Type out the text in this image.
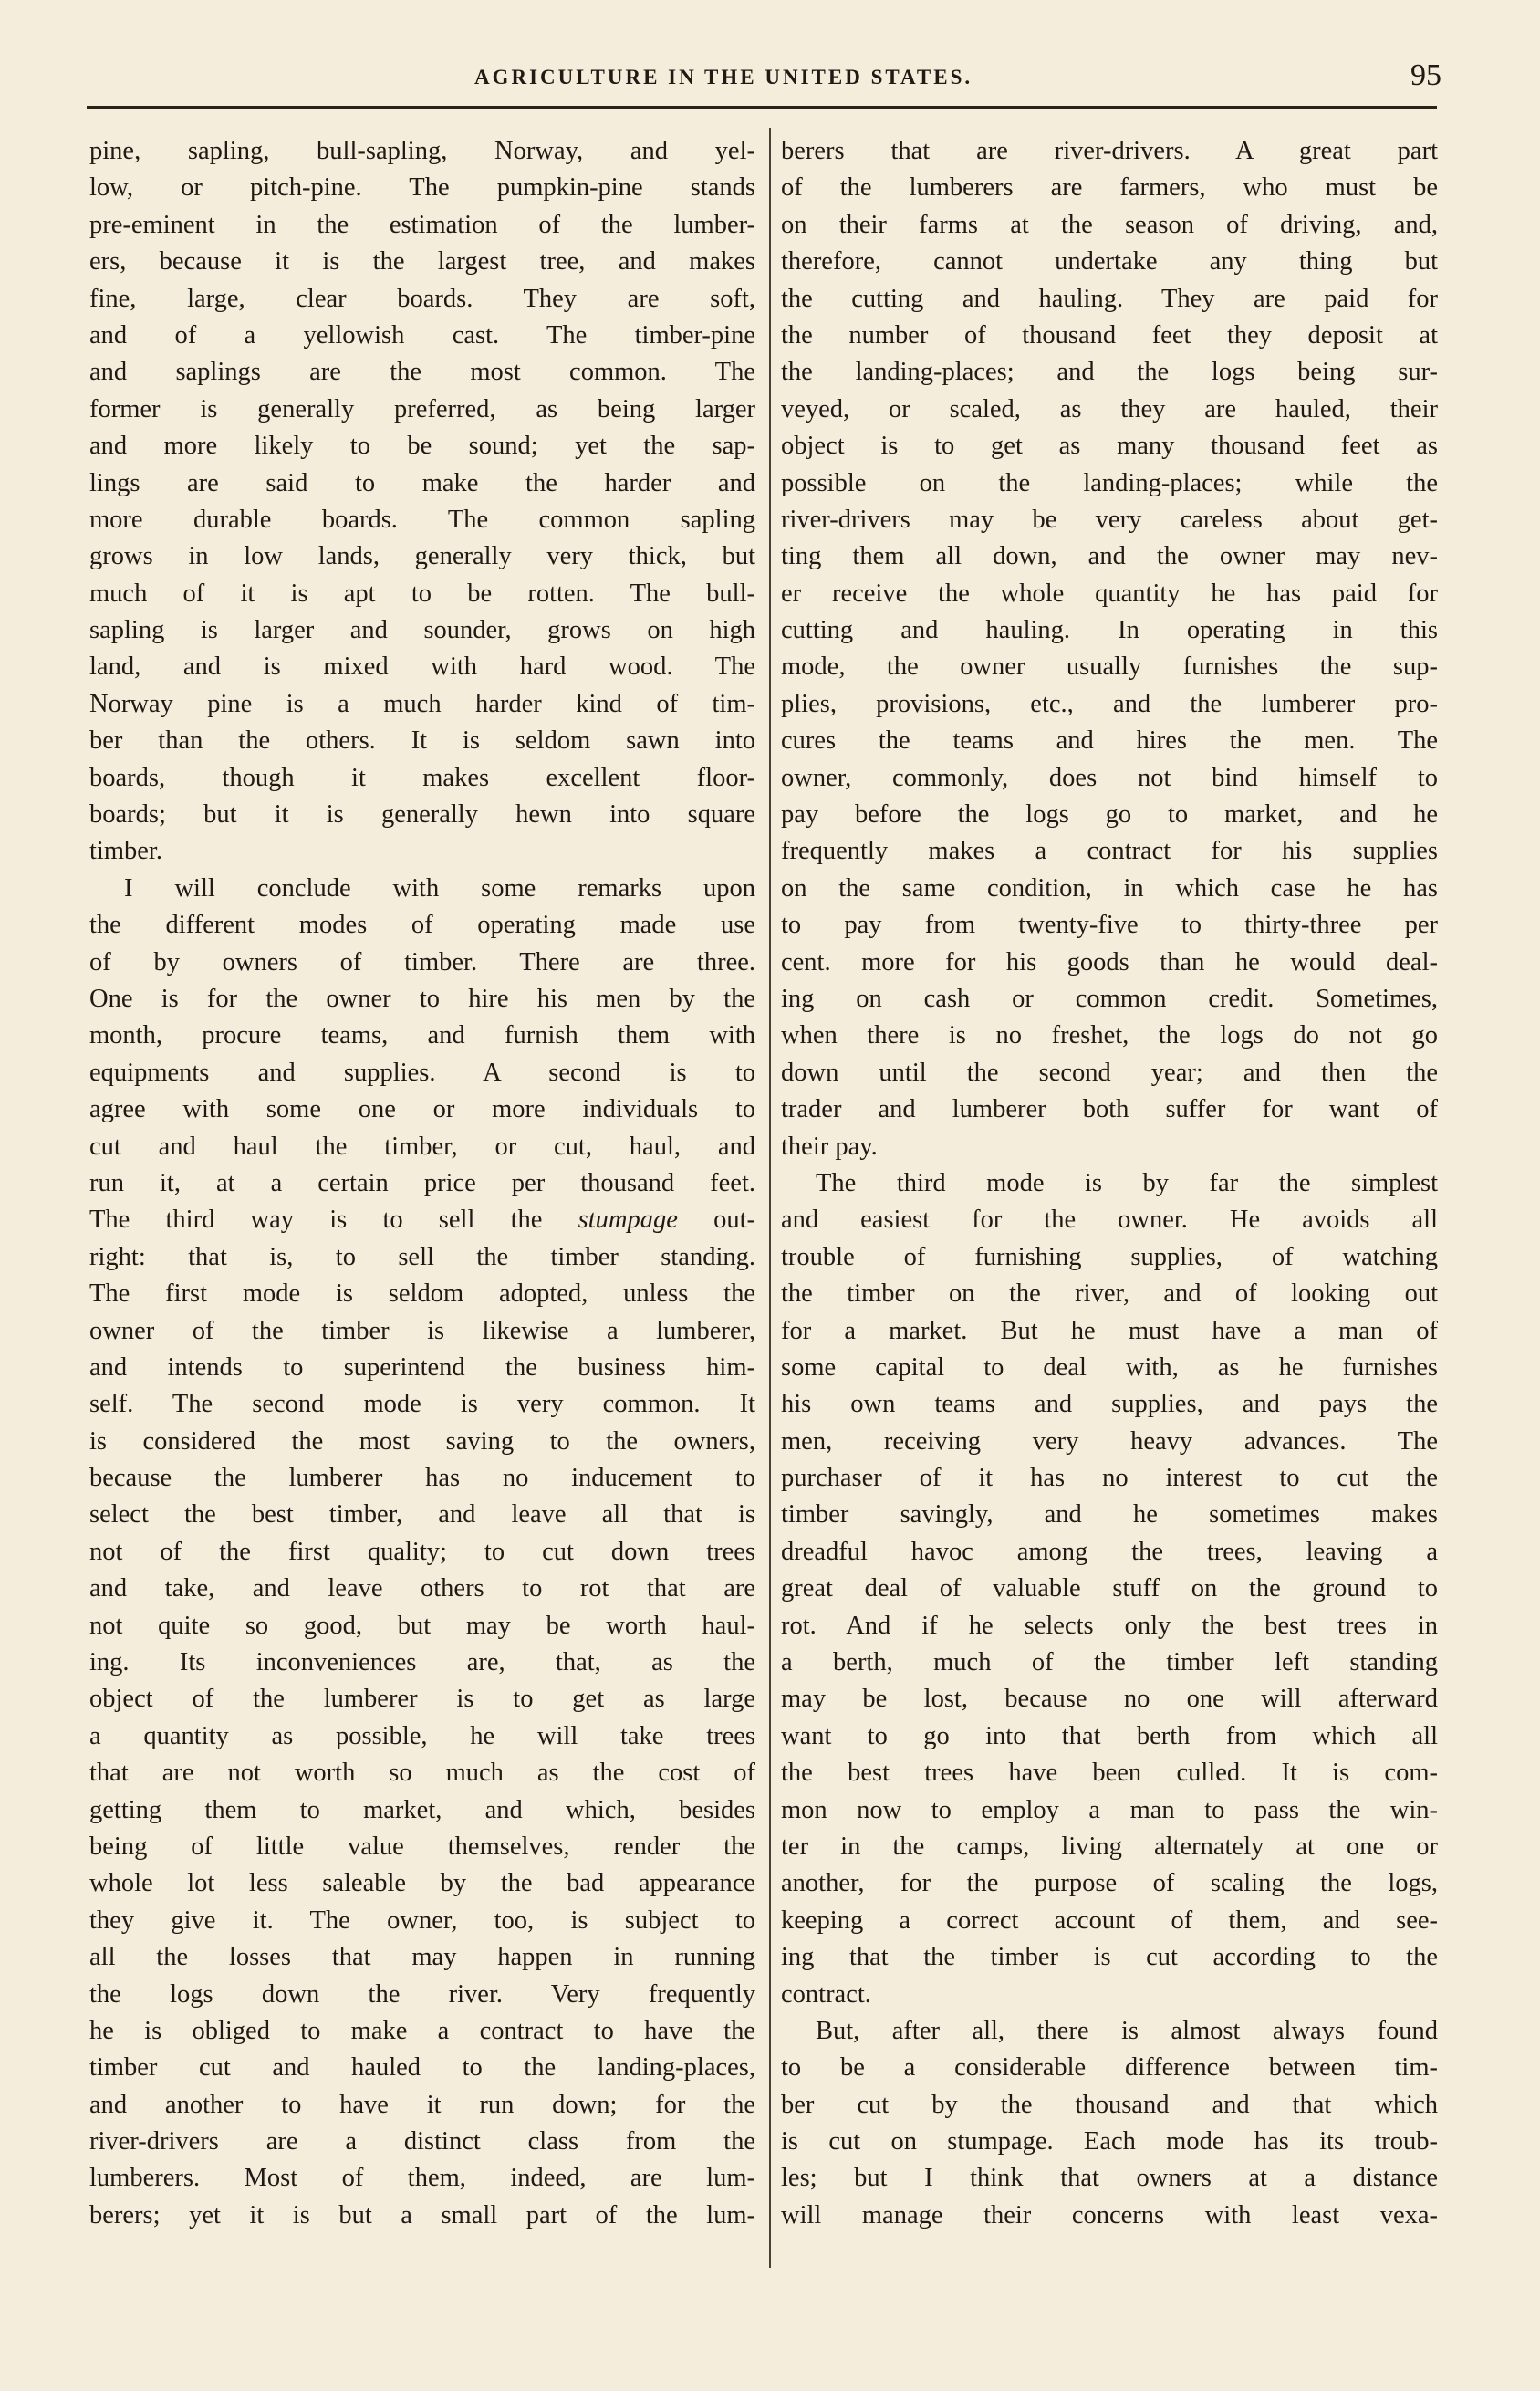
AGRICULTURE IN THE UNITED STATES.	95
pine, sapling, bull-sapling, Norway, and yel-
low, or pitch-pine. The pumpkin-pine stands
pre-eminent in the estimation of the lumber-
ers, because it is the largest tree, and makes
fine, large, clear boards. They are soft,
and of a yellowish cast. The timber-pine
and saplings are the most common. The
former is generally preferred, as being larger
and more likely to be sound; yet the sap-
lings are said to make the harder and
more durable boards. The common sapling
grows in low lands, generally very thick, but
much of it is apt to be rotten. The bull-
sapling is larger and sounder, grows on high
land, and is mixed with hard wood. The
Norway pine is a much harder kind of tim-
ber than the others. It is seldom sawn into
boards, though it makes excellent floor-
boards; but it is generally hewn into square
timber.
I will conclude with some remarks upon
the different modes of operating made use
of by owners of timber. There are three.
One is for the owner to hire his men by the
month, procure teams, and furnish them with
equipments and supplies. A second is to
agree with some one or more individuals to
cut and haul the timber, or cut, haul, and
run it, at a certain price per thousand feet.
The third way is to sell the stumpage out-
right: that is, to sell the timber standing.
The first mode is seldom adopted, unless the
owner of the timber is likewise a lumberer,
and intends to superintend the business him-
self. The second mode is very common. It
is considered the most saving to the owners,
because the lumberer has no inducement to
select the best timber, and leave all that is
not of the first quality; to cut down trees
and take, and leave others to rot that are
not quite so good, but may be worth haul-
ing. Its inconveniences are, that, as the
object of the lumberer is to get as large
a quantity as possible, he will take trees
that are not worth so much as the cost of
getting them to market, and which, besides
being of little value themselves, render the
whole lot less saleable by the bad appearance
they give it. The owner, too, is subject to
all the losses that may happen in running
the logs down the river. Very frequently
he is obliged to make a contract to have the
timber cut and hauled to the landing-places,
and another to have it run down; for the
river-drivers are a distinct class from the
lumberers. Most of them, indeed, are lum-
berers; yet it is but a small part of the lum-
berers that are river-drivers. A great part
of the lumberers are farmers, who must be
on their farms at the season of driving, and,
therefore, cannot undertake any thing but
the cutting and hauling. They are paid for
the number of thousand feet they deposit at
the landing-places; and the logs being sur-
veyed, or scaled, as they are hauled, their
object is to get as many thousand feet as
possible on the landing-places; while the
river-drivers may be very careless about get-
ting them all down, and the owner may nev-
er receive the whole quantity he has paid for
cutting and hauling. In operating in this
mode, the owner usually furnishes the sup-
plies, provisions, etc., and the lumberer pro-
cures the teams and hires the men. The
owner, commonly, does not bind himself to
pay before the logs go to market, and he
frequently makes a contract for his supplies
on the same condition, in which case he has
to pay from twenty-five to thirty-three per
cent. more for his goods than he would deal-
ing on cash or common credit. Sometimes,
when there is no freshet, the logs do not go
down until the second year; and then the
trader and lumberer both suffer for want of
their pay.
The third mode is by far the simplest
and easiest for the owner. He avoids all
trouble of furnishing supplies, of watching
the timber on the river, and of looking out
for a market. But he must have a man of
some capital to deal with, as he furnishes
his own teams and supplies, and pays the
men, receiving very heavy advances. The
purchaser of it has no interest to cut the
timber savingly, and he sometimes makes
dreadful havoc among the trees, leaving a
great deal of valuable stuff on the ground to
rot. And if he selects only the best trees in
a berth, much of the timber left standing
may be lost, because no one will afterward
want to go into that berth from which all
the best trees have been culled. It is com-
mon now to employ a man to pass the win-
ter in the camps, living alternately at one or
another, for the purpose of scaling the logs,
keeping a correct account of them, and see-
ing that the timber is cut according to the
contract.
But, after all, there is almost always found
to be a considerable difference between tim-
ber cut by the thousand and that which
is cut on stumpage. Each mode has its troub-
les; but I think that owners at a distance
will manage their concerns with least vexa-
